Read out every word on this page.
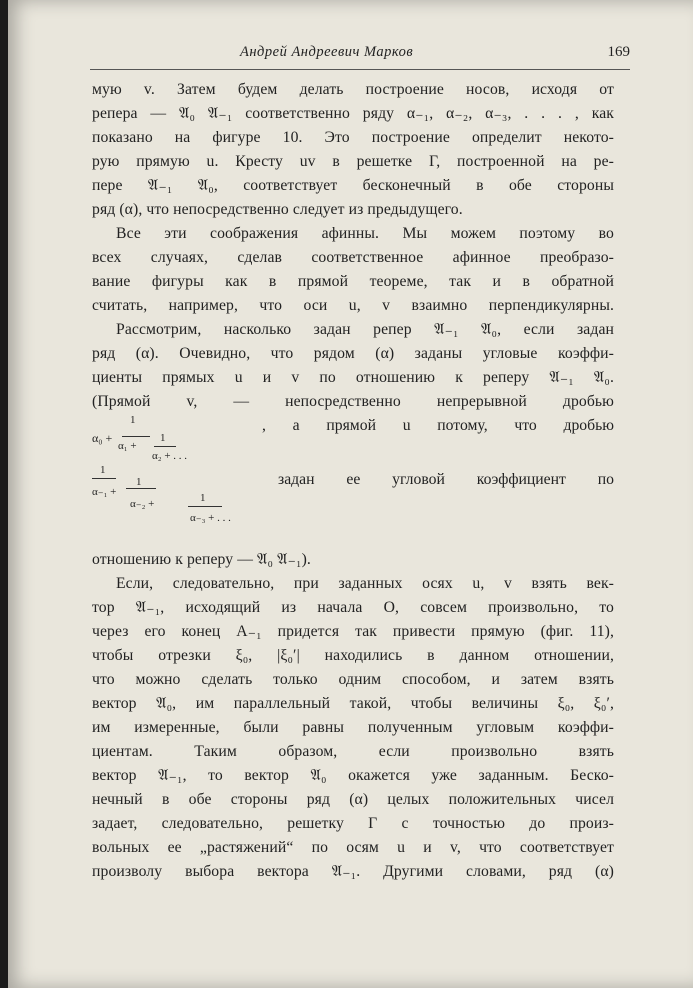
Андрей Андреевич Марков	169
мую v. Затем будем делать построение носов, исходя от
репера — 𝔄₀ 𝔄₋₁ соответственно ряду α₋₁, α₋₂, α₋₃, . . . , как
показано на фигуре 10. Это построение определит некото-
рую прямую u. Кресту uv в решетке Γ, построенной на ре-
пере 𝔄₋₁ 𝔄₀, соответствует бесконечный в обе стороны
ряд (α), что непосредственно следует из предыдущего.
Все эти соображения афинны. Мы можем поэтому во
всех случаях, сделав соответственное афинное преобразо-
вание фигуры как в прямой теореме, так и в обратной
считать, например, что оси u, v взаимно перпендикулярны.
Рассмотрим, насколько задан репер 𝔄₋₁ 𝔄₀, если задан
ряд (α). Очевидно, что рядом (α) заданы угловые коэффи-
циенты прямых u и v по отношению к реперу 𝔄₋₁ 𝔄₀.
(Прямой v, — непосредственно непрерывной дробью
α₀ +
1
α₁ +
1
α₂ + . . .
, а прямой u потому, что дробью
1
α₋₁ +
1
α₋₂ +	1
α₋₃ + . . .
задан ее угловой коэффициент по
отношению к реперу — 𝔄₀ 𝔄₋₁).
Если, следовательно, при заданных осях u, v взять век-
тор 𝔄₋₁, исходящий из начала O, совсем произвольно, то
через его конец A₋₁ придется так привести прямую (фиг. 11),
чтобы отрезки ξ₀, |ξ₀′| находились в данном отношении,
что можно сделать только одним способом, и затем взять
вектор 𝔄₀, им параллельный такой, чтобы величины ξ₀, ξ₀′,
им измеренные, были равны полученным угловым коэффи-
циентам. Таким образом, если произвольно взять
вектор 𝔄₋₁, то вектор 𝔄₀ окажется уже заданным. Беско-
нечный в обе стороны ряд (α) целых положительных чисел
задает, следовательно, решетку Γ с точностью до произ-
вольных ее „растяжений“ по осям u и v, что соответствует
произволу выбора вектора 𝔄₋₁. Другими словами, ряд (α)
